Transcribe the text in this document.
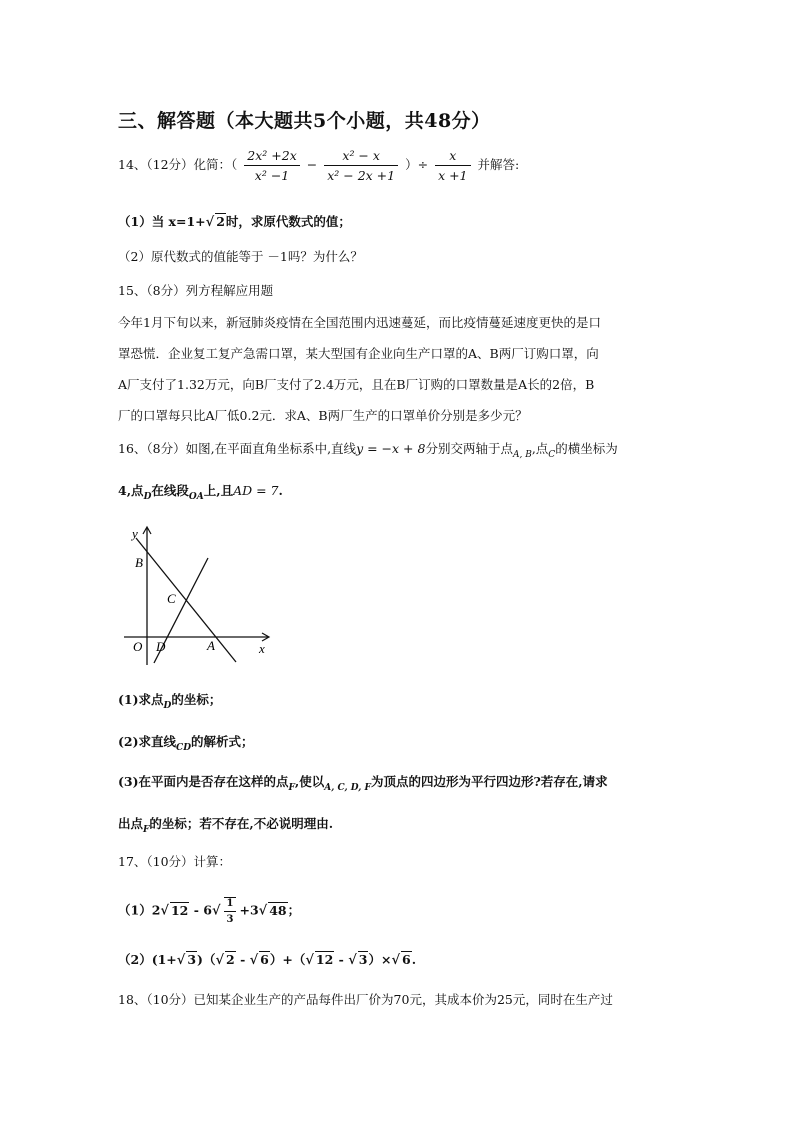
三、解答题（本大题共5个小题，共48分）
14、（12分）化简：（ $\frac{\text{2x² +2x}}{\text{x² −1}} - \frac{\text{x² − x}}{\text{x² − 2x +1}}$ ）÷ $\frac{x}{x +1}$ 并解答:
（1）当 x=1+√ 2时，求原代数式的值；
（2）原代数式的值能等于 －1吗？为什么？
15、（8分）列方程解应用题
今年1月下旬以来，新冠肺炎疫情在全国范围内迅速蔓延，而比疫情蔓延速度更快的是口
罩恐慌．企业复工复产急需口罩，某大型国有企业向生产口罩的A、B两厂订购口罩，向
A厂支付了1.32万元，向B厂支付了2.4万元，且在B厂订购的口罩数量是A长的2倍，B
厂的口罩每只比A厂低0.2元．求A、B两厂生产的口罩单价分别是多少元？
16、（8分）如图,在平面直角坐标系中,直线y = −x + 8分别交两轴于点$_{A, B}$,点$_C$的横坐标为
4,点$_D$在线段$_{OA}$上,且AD = 7.
y
B
C
O D	A	x
(1)求点$_D$的坐标；
(2)求直线$_{CD}$的解析式；
(3)在平面内是否存在这样的点$_F$,使以$_{A, C, D, F}$为顶点的四边形为平行四边形?若存在,请求
出点$_F$的坐标；若不存在,不必说明理由.
17、（10分）计算：
（1）2√ $12 - 6√ \frac{1}{3} +3√$ 48；
（2）(1+√ 3)（√ 2 - √ 6）+（√ 12 - √ 3）×√ 6.
18、（10分）已知某企业生产的产品每件出厂价为70元，其成本价为25元，同时在生产过
